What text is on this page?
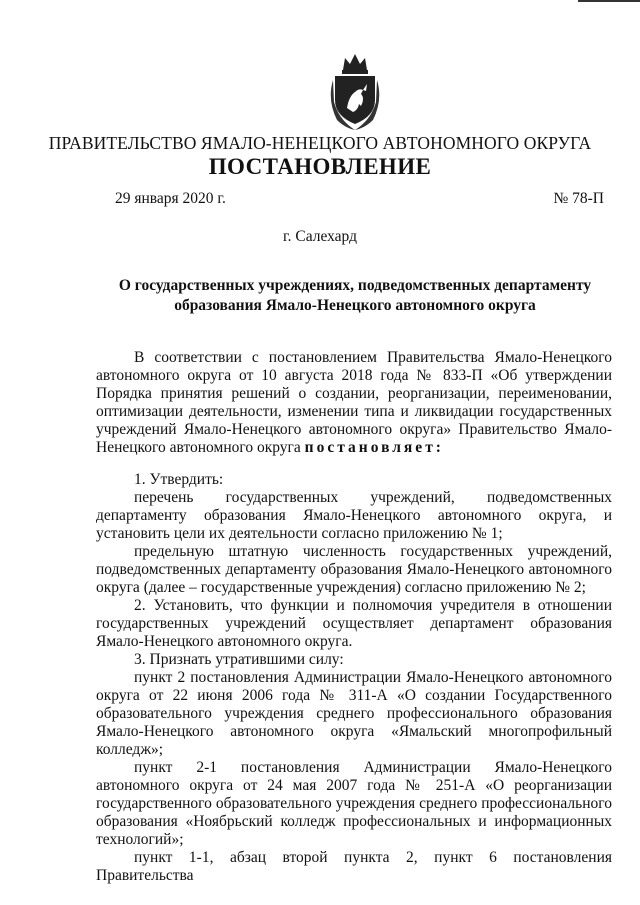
ПРАВИТЕЛЬСТВО ЯМАЛО-НЕНЕЦКОГО АВТОНОМНОГО ОКРУГА
ПОСТАНОВЛЕНИЕ
29 января 2020 г.	№ 78-П
г. Салехард
О государственных учреждениях, подведомственных департаменту образования Ямало-Ненецкого автономного округа

В соответствии с постановлением Правительства Ямало-Ненецкого автономного округа от 10 августа 2018 года № 833-П «Об утверждении Порядка принятия решений о создании, реорганизации, переименовании, оптимизации деятельности, изменении типа и ликвидации государственных учреждений Ямало-Ненецкого автономного округа» Правительство Ямало-Ненецкого автономного округа постановляет:

1. Утвердить:

перечень государственных учреждений, подведомственных департаменту образования Ямало-Ненецкого автономного округа, и установить цели их деятельности согласно приложению № 1;

предельную штатную численность государственных учреждений, подведомственных департаменту образования Ямало-Ненецкого автономного округа (далее – государственные учреждения) согласно приложению № 2;

2. Установить, что функции и полномочия учредителя в отношении государственных учреждений осуществляет департамент образования Ямало-Ненецкого автономного округа.

3. Признать утратившими силу:

пункт 2 постановления Администрации Ямало-Ненецкого автономного округа от 22 июня 2006 года № 311-А «О создании Государственного образовательного учреждения среднего профессионального образования Ямало-Ненецкого автономного округа «Ямальский многопрофильный колледж»;

пункт 2-1 постановления Администрации Ямало-Ненецкого автономного округа от 24 мая 2007 года № 251-А «О реорганизации государственного образовательного учреждения среднего профессионального образования «Ноябрьский колледж профессиональных и информационных технологий»;

пункт 1-1, абзац второй пункта 2, пункт 6 постановления Правительства
